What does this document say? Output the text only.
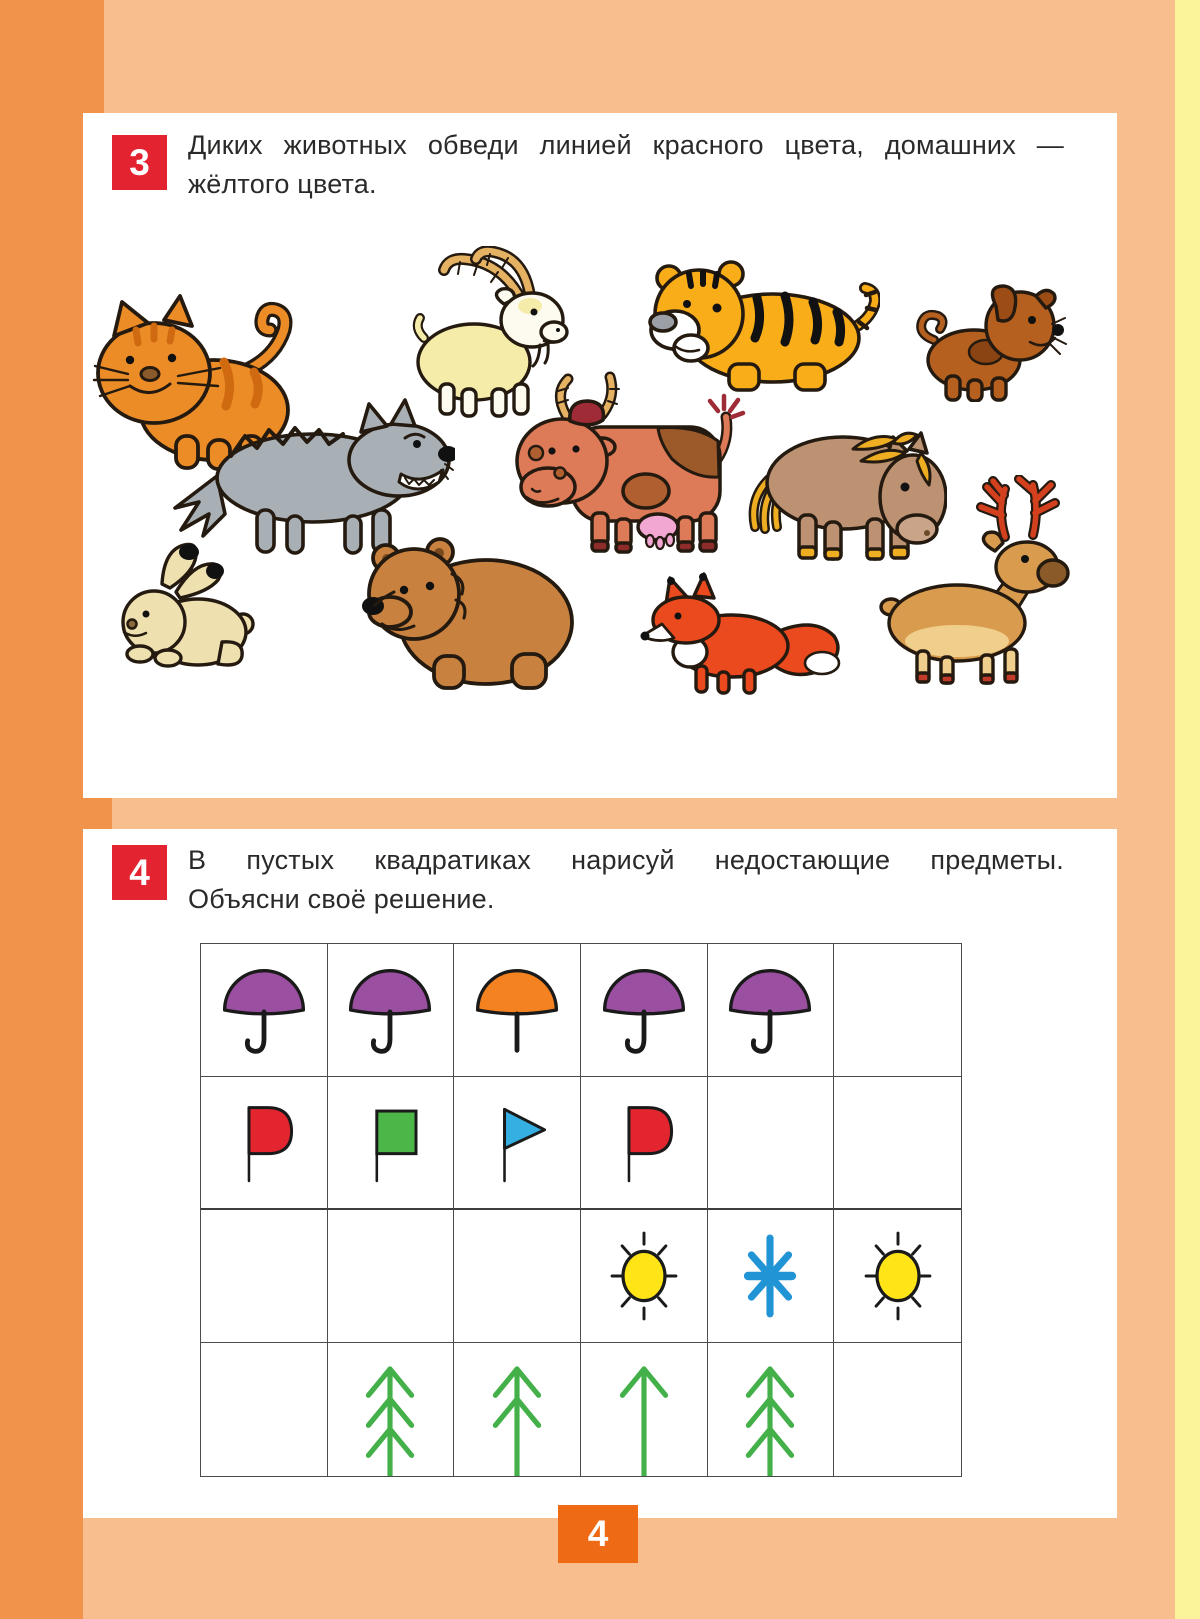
3	Диких животных обведи линией красного цвета, домашних —
жёлтого цвета.
4	В пустых квадратиках нарисуй недостающие предметы.
Объясни своё решение.
4
